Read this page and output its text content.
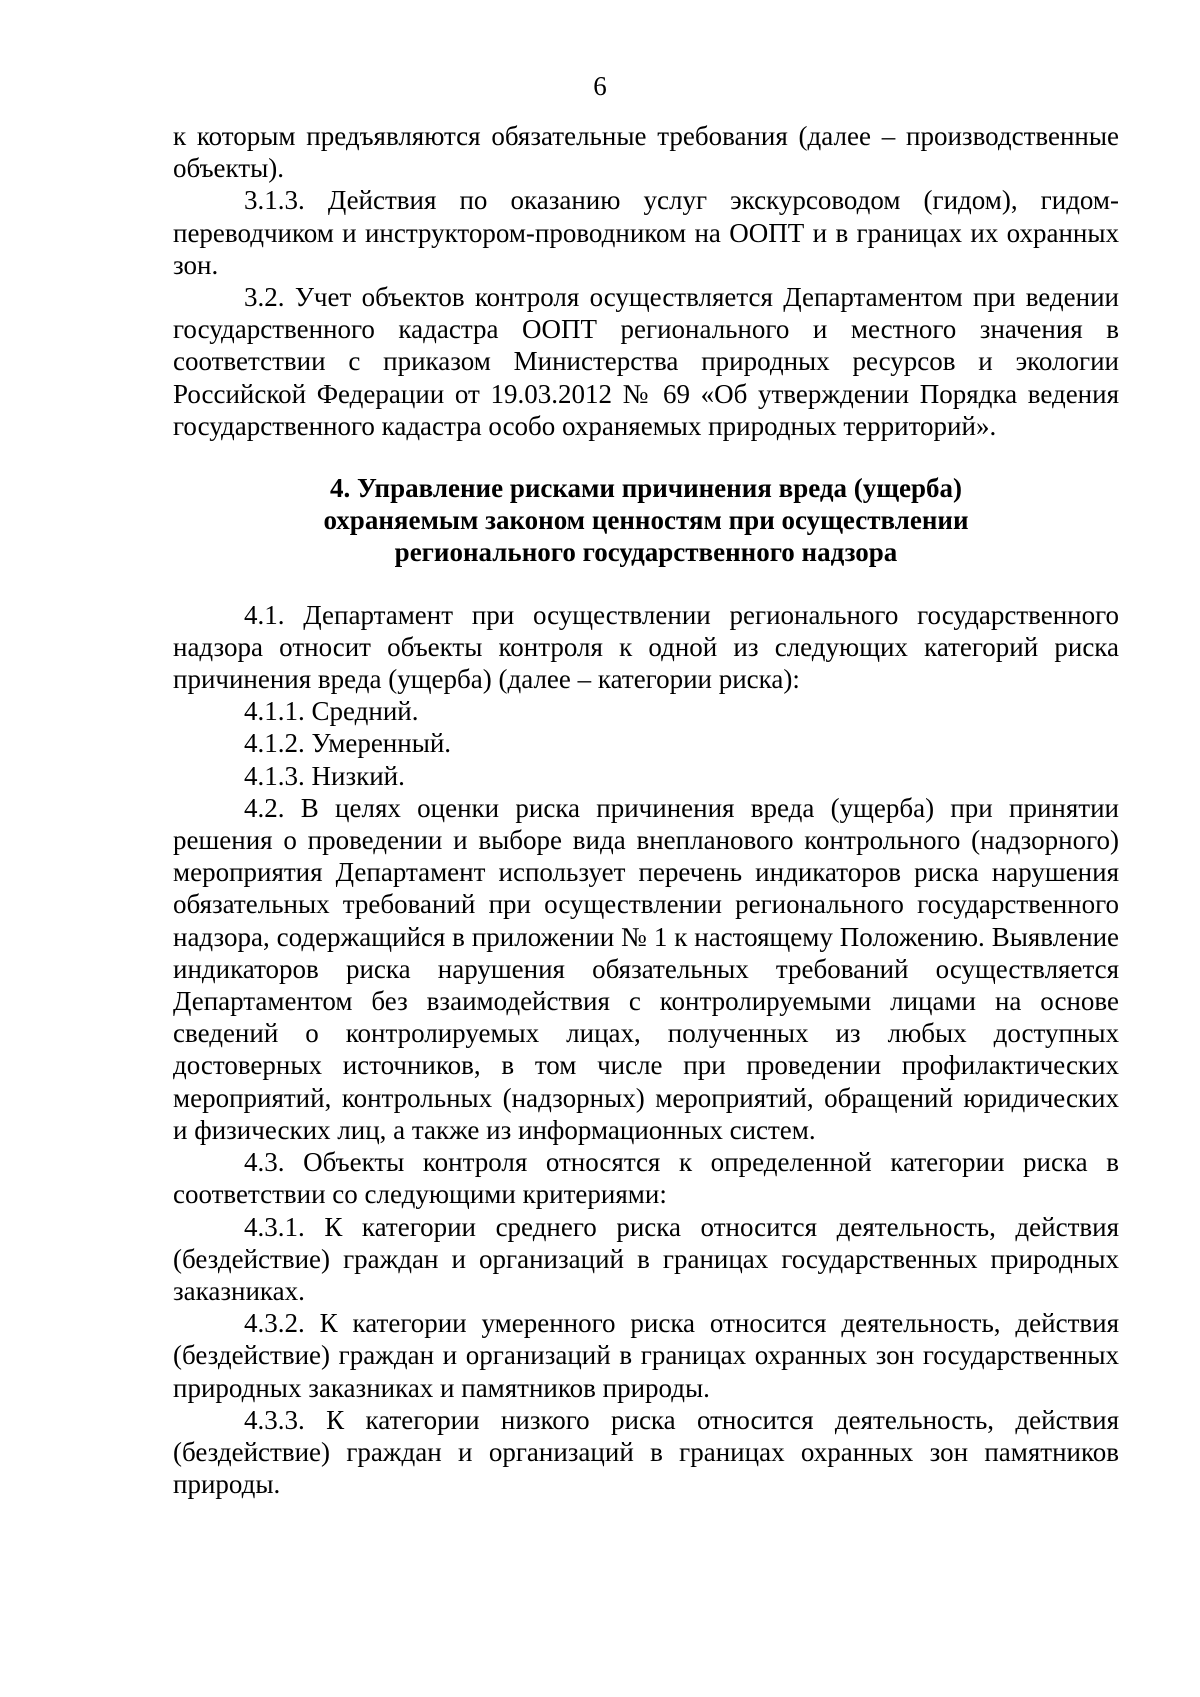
6

к которым предъявляются обязательные требования (далее – производственные объекты).

3.1.3. Действия по оказанию услуг экскурсоводом (гидом), гидом-переводчиком и инструктором-проводником на ООПТ и в границах их охранных зон.

3.2. Учет объектов контроля осуществляется Департаментом при ведении государственного кадастра ООПТ регионального и местного значения в соответствии с приказом Министерства природных ресурсов и экологии Российской Федерации от 19.03.2012 № 69 «Об утверждении Порядка ведения государственного кадастра особо охраняемых природных территорий».

4. Управление рисками причинения вреда (ущерба)
охраняемым законом ценностям при осуществлении
регионального государственного надзора

4.1. Департамент при осуществлении регионального государственного надзора относит объекты контроля к одной из следующих категорий риска причинения вреда (ущерба) (далее – категории риска):

4.1.1. Средний.

4.1.2. Умеренный.

4.1.3. Низкий.

4.2. В целях оценки риска причинения вреда (ущерба) при принятии решения о проведении и выборе вида внепланового контрольного (надзорного) мероприятия Департамент использует перечень индикаторов риска нарушения обязательных требований при осуществлении регионального государственного надзора, содержащийся в приложении № 1 к настоящему Положению. Выявление индикаторов риска нарушения обязательных требований осуществляется Департаментом без взаимодействия с контролируемыми лицами на основе сведений о контролируемых лицах, полученных из любых доступных достоверных источников, в том числе при проведении профилактических мероприятий, контрольных (надзорных) мероприятий, обращений юридических и физических лиц, а также из информационных систем.

4.3. Объекты контроля относятся к определенной категории риска в соответствии со следующими критериями:

4.3.1. К категории среднего риска относится деятельность, действия (бездействие) граждан и организаций в границах государственных природных заказниках.

4.3.2. К категории умеренного риска относится деятельность, действия (бездействие) граждан и организаций в границах охранных зон государственных природных заказниках и памятников природы.

4.3.3. К категории низкого риска относится деятельность, действия (бездействие) граждан и организаций в границах охранных зон памятников природы.
